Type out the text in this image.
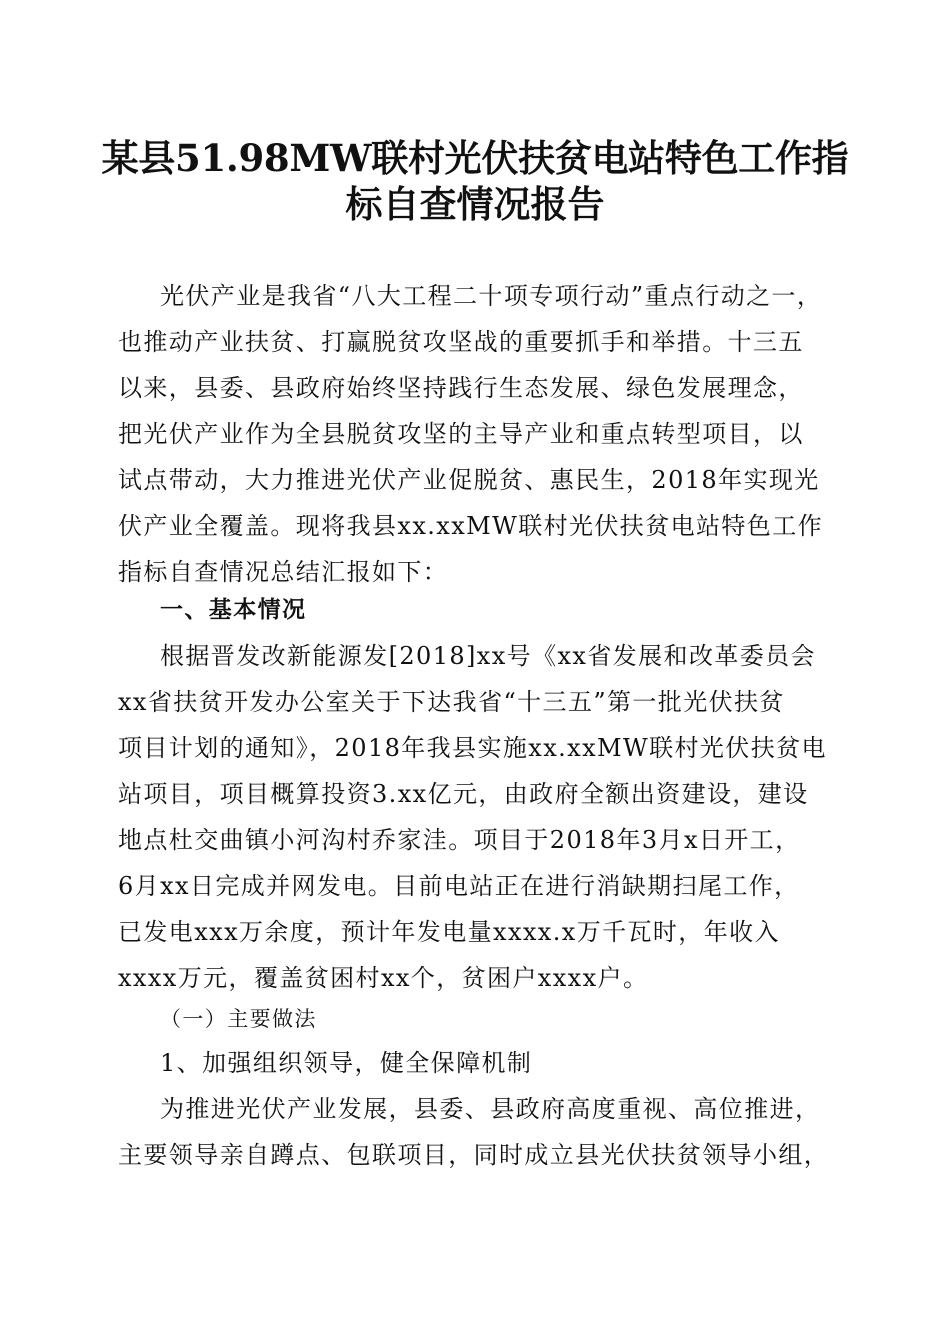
某县51.98MW联村光伏扶贫电站特色工作指
标自查情况报告
光伏产业是我省“八大工程二十项专项行动”重点行动之一，
也推动产业扶贫、打赢脱贫攻坚战的重要抓手和举措。十三五
以来，县委、县政府始终坚持践行生态发展、绿色发展理念，
把光伏产业作为全县脱贫攻坚的主导产业和重点转型项目，以
试点带动，大力推进光伏产业促脱贫、惠民生，2018年实现光
伏产业全覆盖。现将我县xx.xxMW联村光伏扶贫电站特色工作
指标自查情况总结汇报如下：
一、基本情况
根据晋发改新能源发[2018]xx号《xx省发展和改革委员会
xx省扶贫开发办公室关于下达我省“十三五”第一批光伏扶贫
项目计划的通知》，2018年我县实施xx.xxMW联村光伏扶贫电
站项目，项目概算投资3.xx亿元，由政府全额出资建设，建设
地点杜交曲镇小河沟村乔家洼。项目于2018年3月x日开工，
6月xx日完成并网发电。目前电站正在进行消缺期扫尾工作，
已发电xxx万余度，预计年发电量xxxx.x万千瓦时，年收入
xxxx万元，覆盖贫困村xx个，贫困户xxxx户。
（一）主要做法
1、加强组织领导，健全保障机制
为推进光伏产业发展，县委、县政府高度重视、高位推进，
主要领导亲自蹲点、包联项目，同时成立县光伏扶贫领导小组，
